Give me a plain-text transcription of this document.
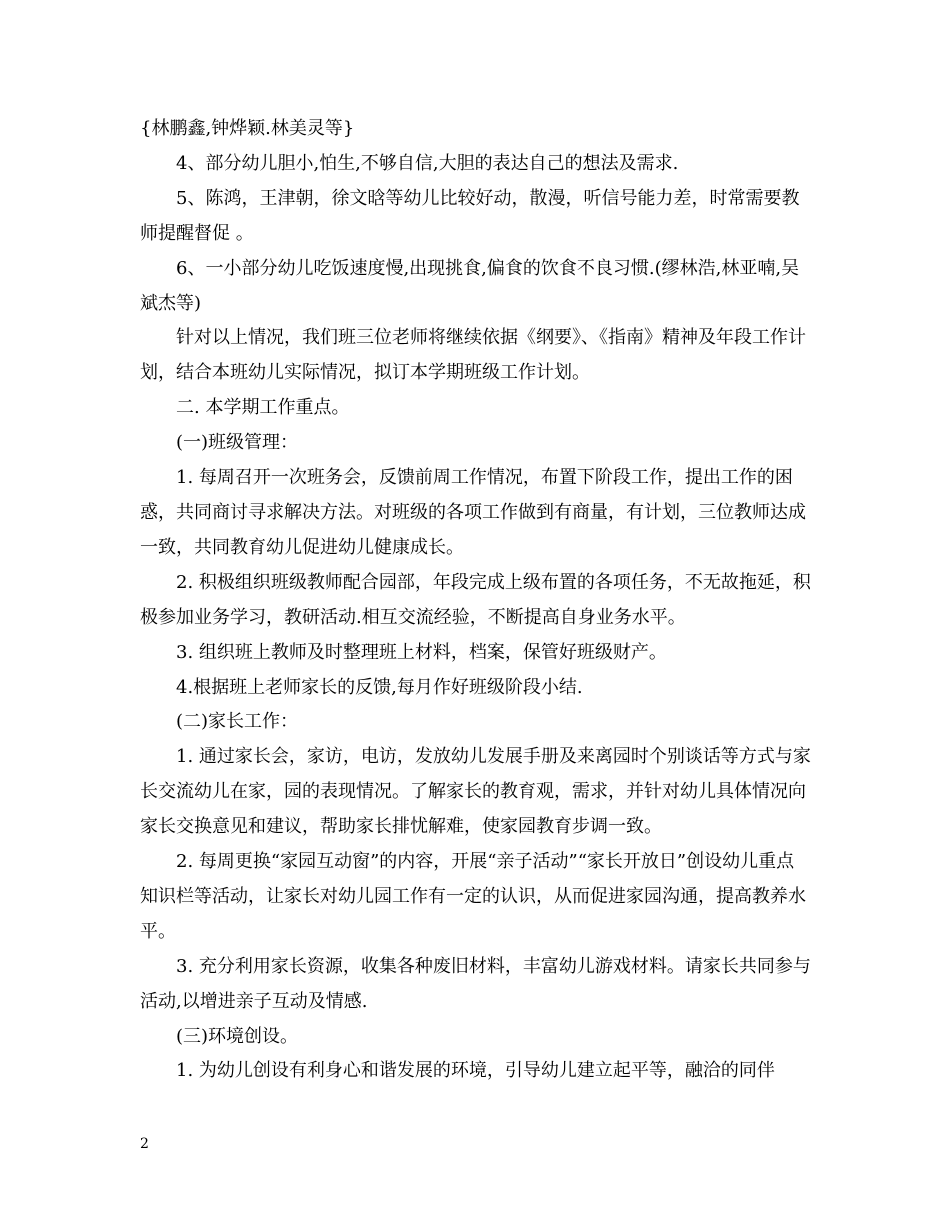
{林鹏鑫,钟烨颖.林美灵等}

4、部分幼儿胆小,怕生,不够自信,大胆的表达自己的想法及需求.

5、陈鸿，王津朝，徐文晗等幼儿比较好动，散漫，听信号能力差，时常需要教师提醒督促 。

6、一小部分幼儿吃饭速度慢,出现挑食,偏食的饮食不良习惯.(缪林浩,林亚喃,吴斌杰等)

针对以上情况，我们班三位老师将继续依据《纲要》、《指南》精神及年段工作计划，结合本班幼儿实际情况，拟订本学期班级工作计划。

二. 本学期工作重点。

(一)班级管理：

1. 每周召开一次班务会，反馈前周工作情况，布置下阶段工作，提出工作的困惑，共同商讨寻求解决方法。对班级的各项工作做到有商量，有计划，三位教师达成一致，共同教育幼儿促进幼儿健康成长。

2. 积极组织班级教师配合园部，年段完成上级布置的各项任务，不无故拖延，积极参加业务学习，教研活动.相互交流经验，不断提高自身业务水平。

3. 组织班上教师及时整理班上材料，档案，保管好班级财产。

4.根据班上老师家长的反馈,每月作好班级阶段小结.

(二)家长工作：

1. 通过家长会，家访，电访，发放幼儿发展手册及来离园时个别谈话等方式与家长交流幼儿在家，园的表现情况。了解家长的教育观，需求，并针对幼儿具体情况向家长交换意见和建议，帮助家长排忧解难，使家园教育步调一致。

2. 每周更换“家园互动窗”的内容，开展“亲子活动”“家长开放日”创设幼儿重点知识栏等活动，让家长对幼儿园工作有一定的认识，从而促进家园沟通，提高教养水平。

3. 充分利用家长资源，收集各种废旧材料，丰富幼儿游戏材料。请家长共同参与活动,以增进亲子互动及情感.

(三)环境创设。

1. 为幼儿创设有利身心和谐发展的环境，引导幼儿建立起平等，融洽的同伴

2
